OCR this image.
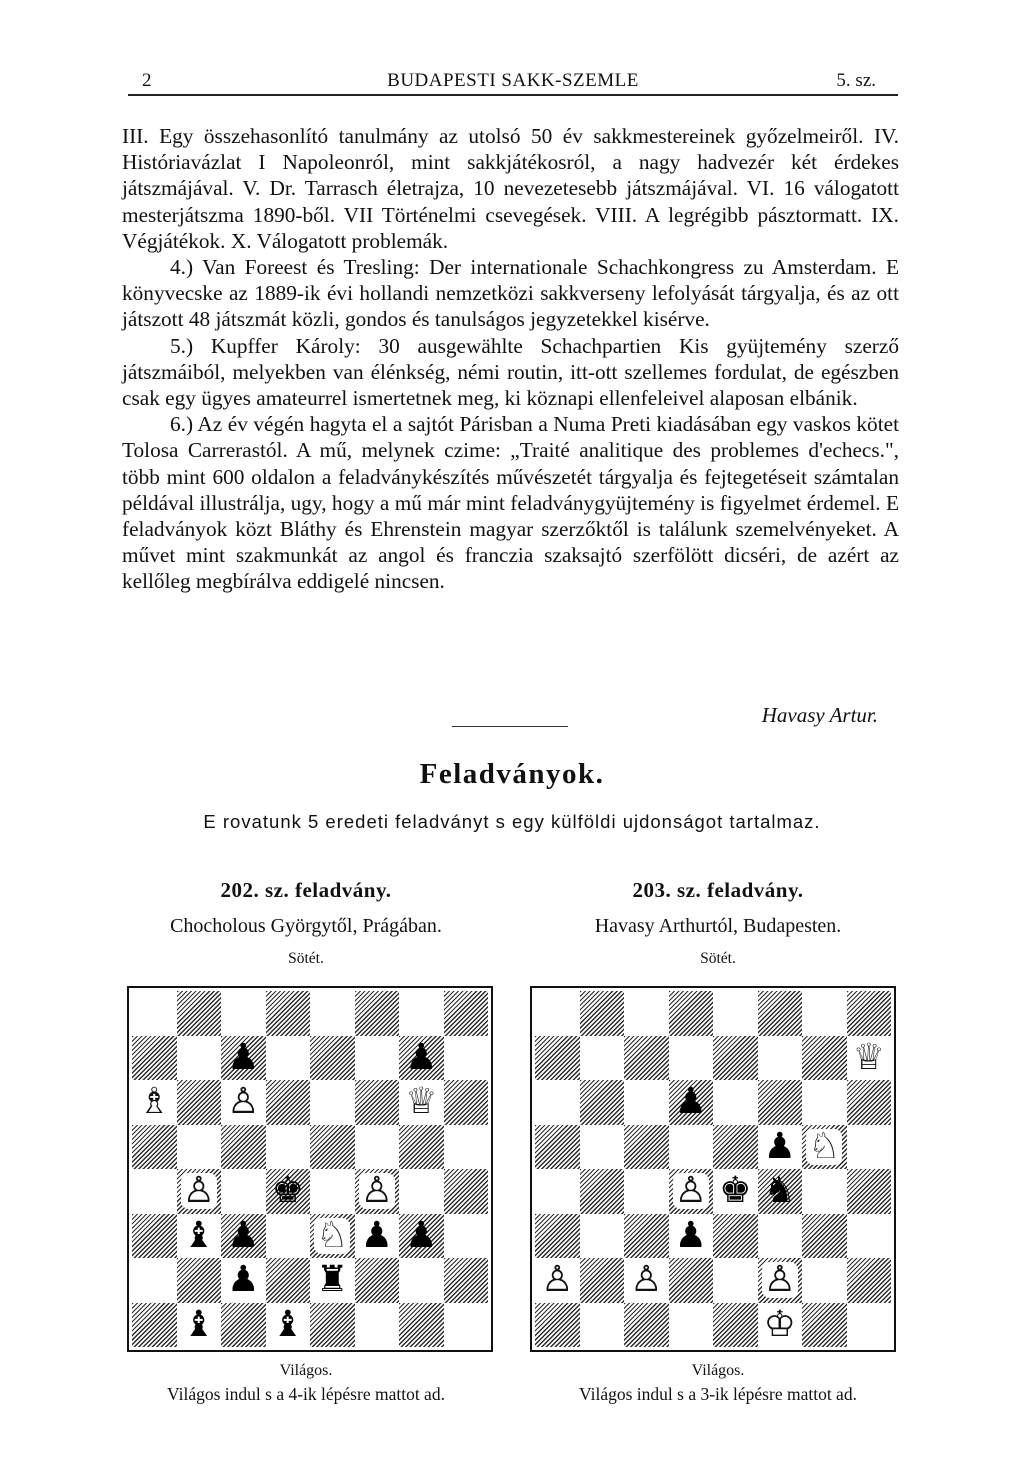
2	BUDAPESTI SAKK-SZEMLE	5. sz.

III. Egy összehasonlító tanulmány az utolsó 50 év sakkmestereinek győzelmeiről. IV. Históriavázlat I Napoleonról, mint sakkjátékosról, a nagy hadvezér két érdekes játszmájával. V. Dr. Tarrasch életrajza, 10 nevezetesebb játszmájával. VI. 16 válogatott mesterjátszma 1890-ből. VII Történelmi csevegések. VIII. A legrégibb pásztormatt. IX. Végjátékok. X. Válogatott problemák.

4.) Van Foreest és Tresling: Der internationale Schachkongress zu Amsterdam. E könyvecske az 1889-ik évi hollandi nemzetközi sakkverseny lefolyását tárgyalja, és az ott játszott 48 játszmát közli, gondos és tanulságos jegyzetekkel kisérve.

5.) Kupffer Károly: 30 ausgewählte Schachpartien Kis gyüjtemény szerző játszmáiból, melyekben van élénkség, némi routin, itt-ott szellemes fordulat, de egészben csak egy ügyes amateurrel ismertetnek meg, ki köznapi ellenfeleivel alaposan elbánik.

6.) Az év végén hagyta el a sajtót Párisban a Numa Preti kiadásában egy vaskos kötet Tolosa Carrerastól. A mű, melynek czime: „Traité analitique des problemes d'echecs.", több mint 600 oldalon a feladványkészítés művészetét tárgyalja és fejtegetéseit számtalan példával illustrálja, ugy, hogy a mű már mint feladványgyüjtemény is figyelmet érdemel. E feladványok közt Bláthy és Ehrenstein magyar szerzőktől is találunk szemelvényeket. A művet mint szakmunkát az angol és franczia szaksajtó szerfölött dicséri, de azért az kellőleg megbírálva eddigelé nincsen.

Havasy Artur.
Feladványok.
E rovatunk 5 eredeti feladványt s egy külföldi ujdonságot tartalmaz.
202. sz. feladvány.
Chocholous Györgytől, Prágában.
Sötét.
♟	♟
♗ ♙	♕
♙ ♚ ♙
♝ ♟ ♘ ♟ ♟
♟ ♜
♝ ♝
Világos.
Világos indul s a 4-ik lépésre mattot ad.
203. sz. feladvány.
Havasy Arthurtól, Budapesten.
Sötét.
♕
♟
♟ ♘
♙ ♚ ♞
♟
♙ ♙	♙
♔
Világos.
Világos indul s a 3-ik lépésre mattot ad.
